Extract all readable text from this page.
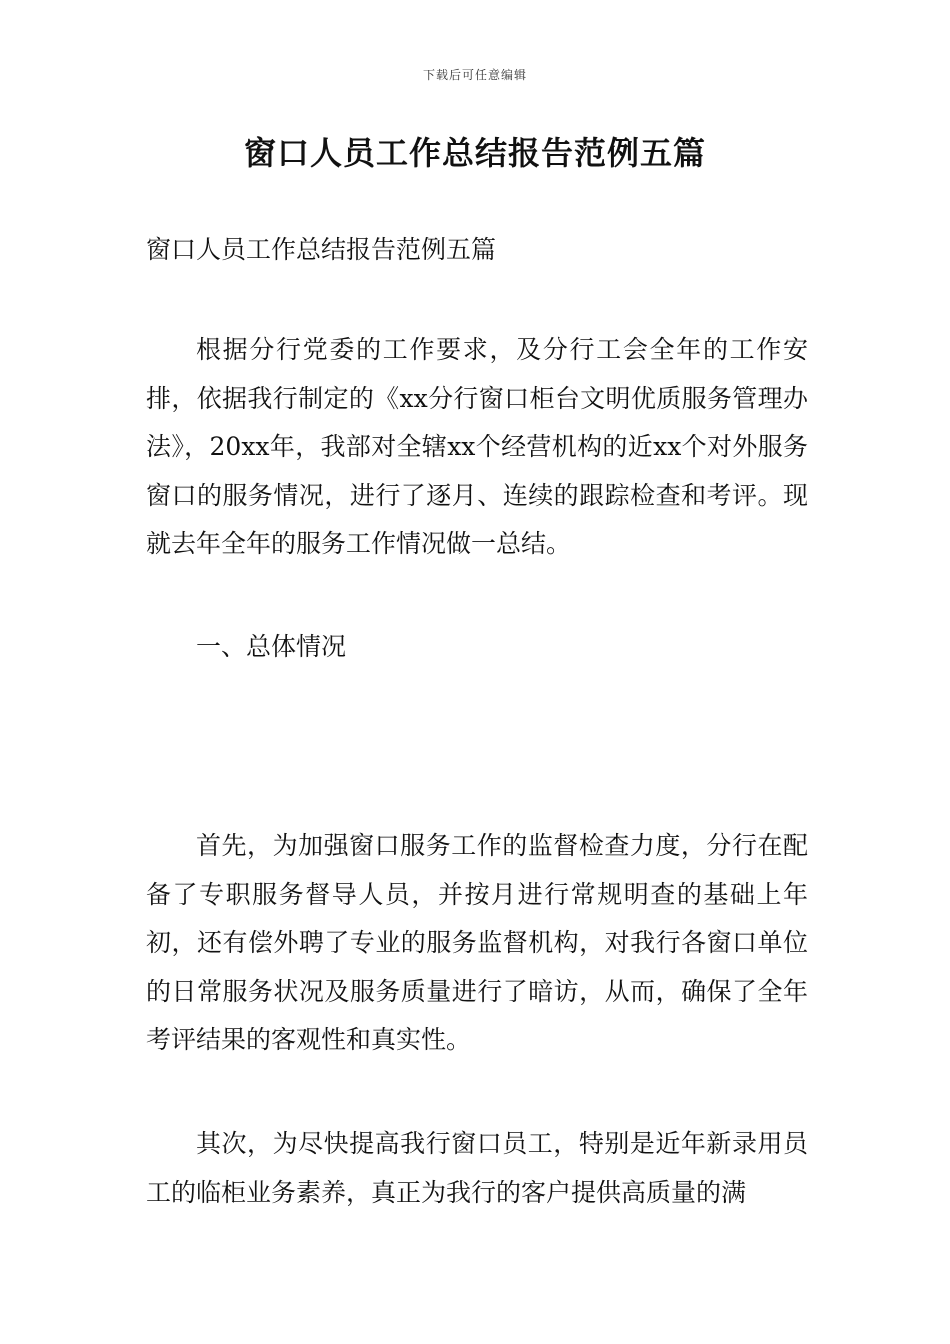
下载后可任意编辑
窗口人员工作总结报告范例五篇

窗口人员工作总结报告范例五篇

根据分行党委的工作要求，及分行工会全年的工作安排，依据我行制定的《xx分行窗口柜台文明优质服务管理办法》，20xx年，我部对全辖xx个经营机构的近xx个对外服务窗口的服务情况，进行了逐月、连续的跟踪检查和考评。现就去年全年的服务工作情况做一总结。

一、总体情况

首先，为加强窗口服务工作的监督检查力度，分行在配备了专职服务督导人员，并按月进行常规明查的基础上年初，还有偿外聘了专业的服务监督机构，对我行各窗口单位的日常服务状况及服务质量进行了暗访，从而，确保了全年考评结果的客观性和真实性。

其次，为尽快提高我行窗口员工，特别是近年新录用员工的临柜业务素养，真正为我行的客户提供高质量的满
